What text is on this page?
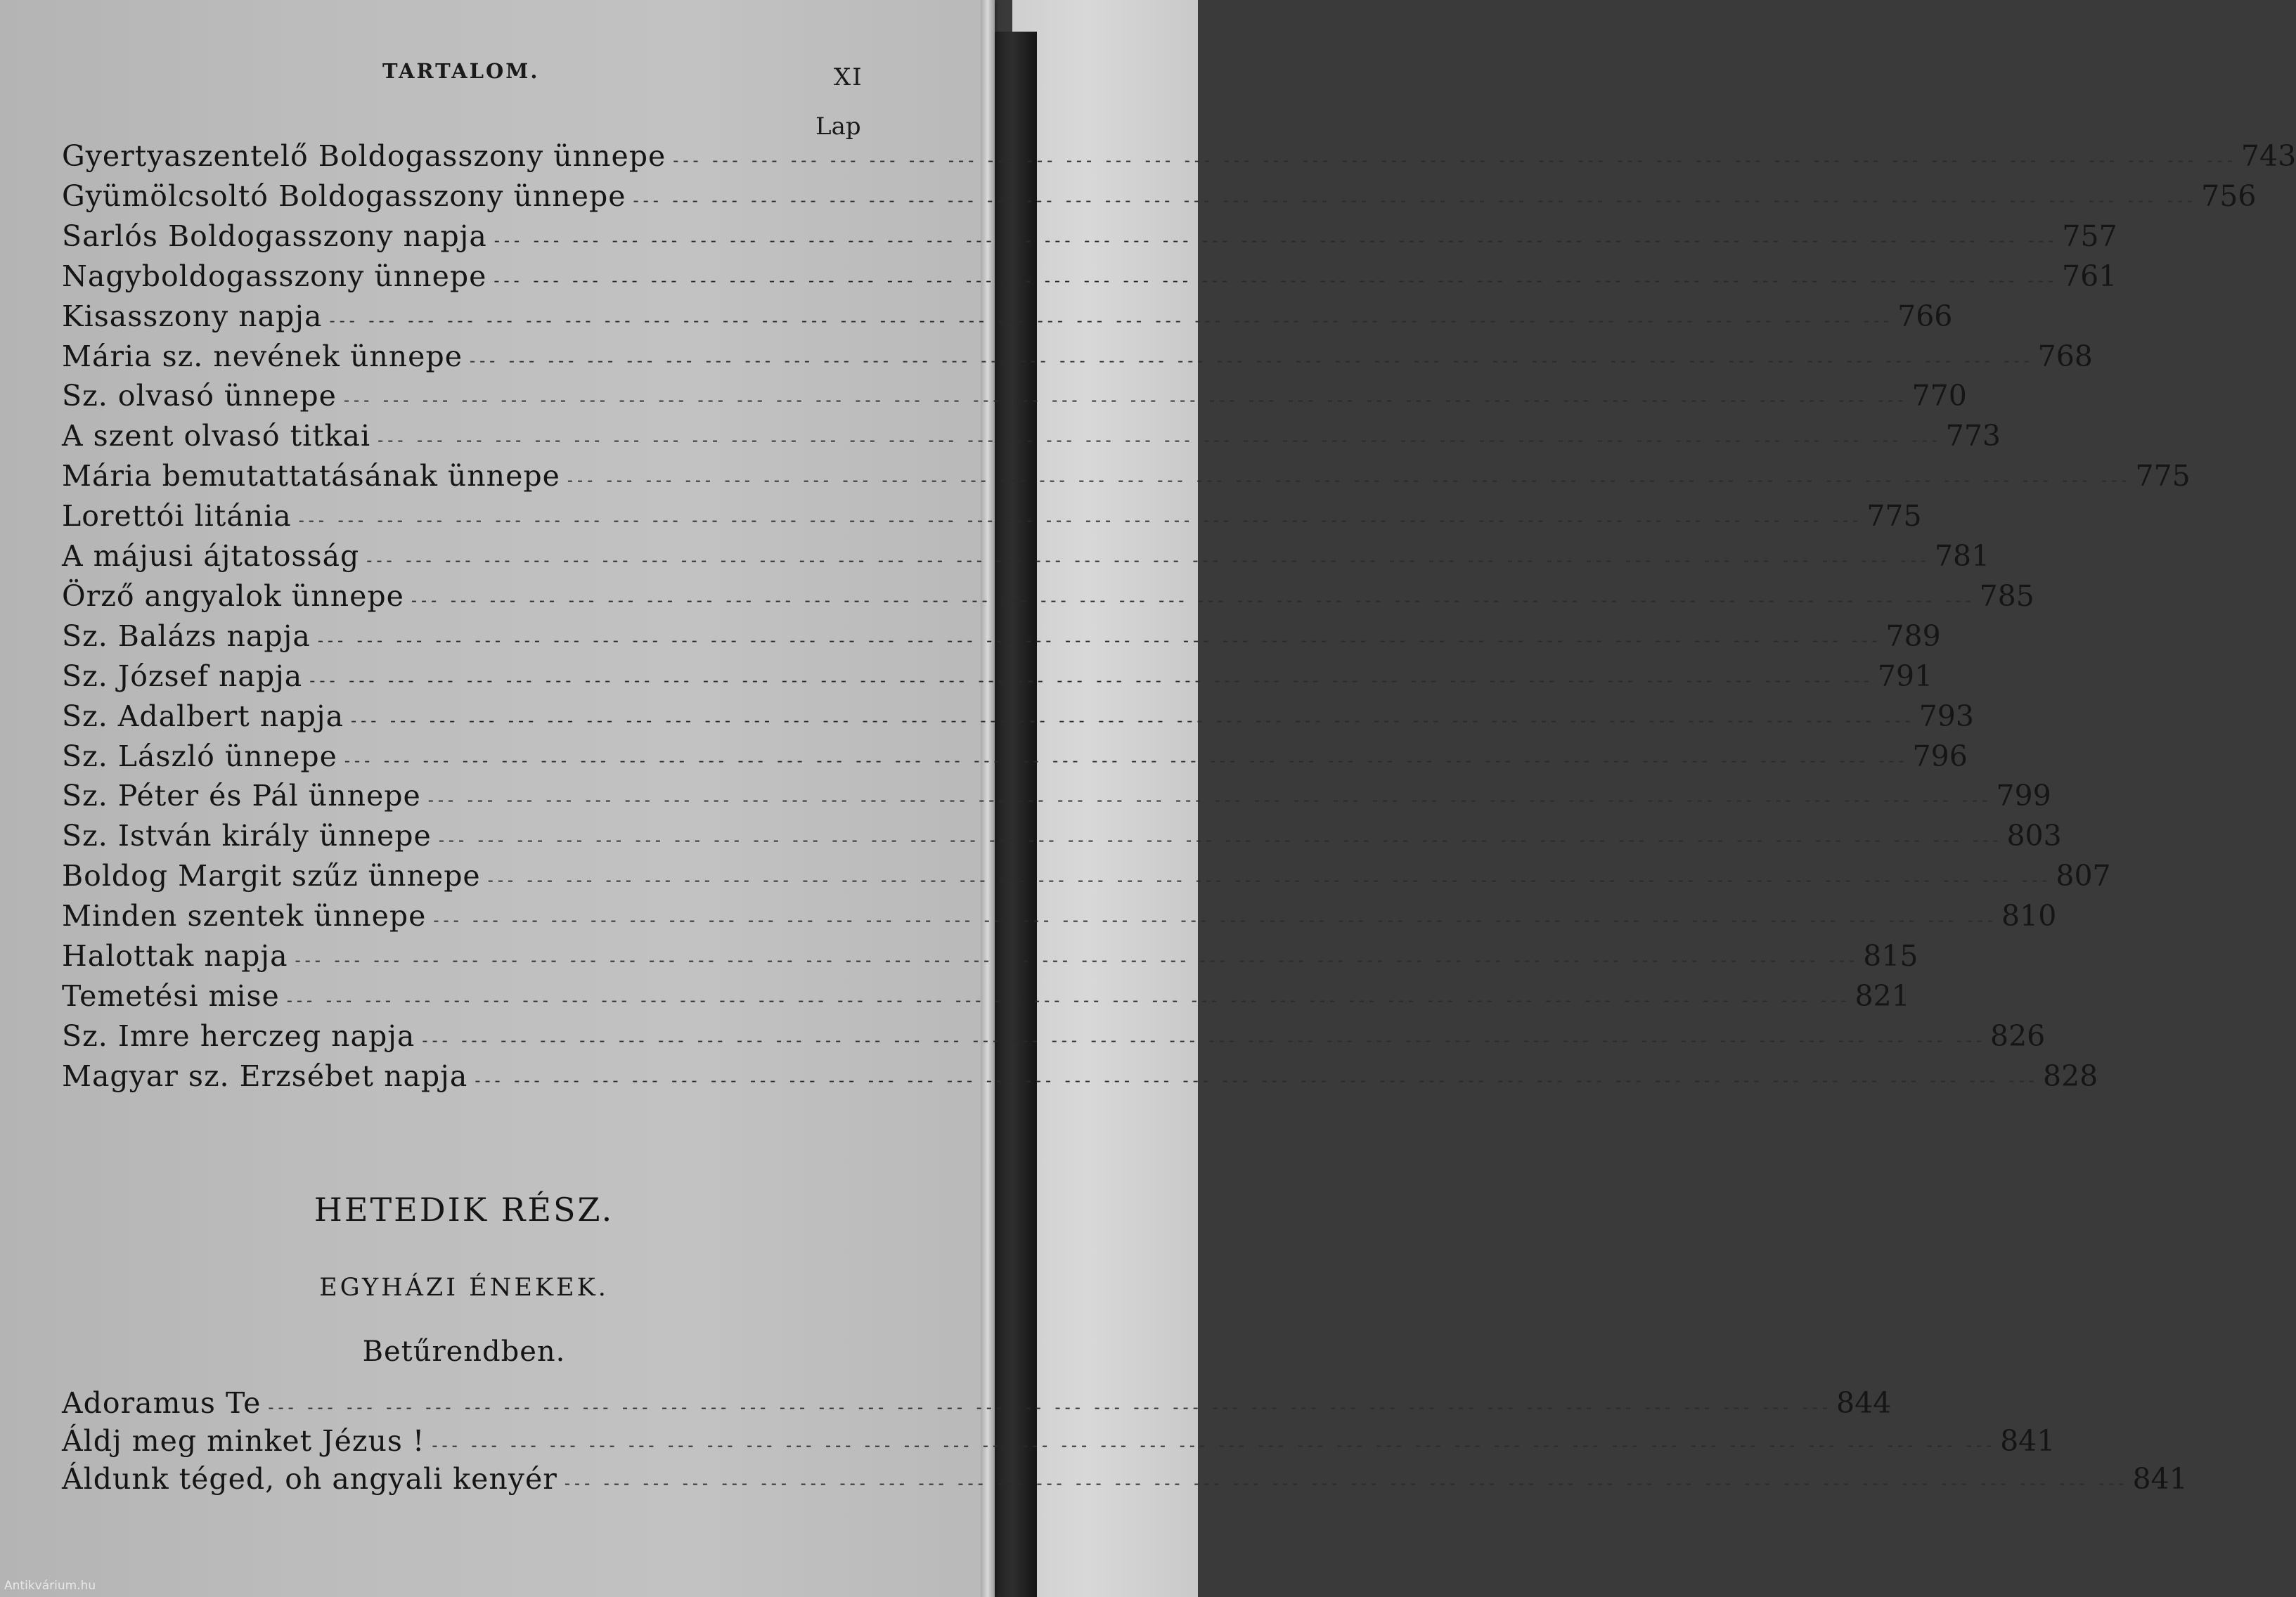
TARTALOM.	XI
Lap
Gyertyaszentelő Boldogasszony ünnepe --- --- --- --- --- --- --- --- --- --- --- --- --- --- --- --- --- --- --- --- --- --- --- --- --- --- --- --- --- --- --- --- --- --- --- --- --- --- --- --- 743
Gyümölcsoltó Boldogasszony ünnepe --- --- --- --- --- --- --- --- --- --- --- --- --- --- --- --- --- --- --- --- --- --- --- --- --- --- --- --- --- --- --- --- --- --- --- --- --- --- --- --- 756
Sarlós Boldogasszony napja --- --- --- --- --- --- --- --- --- --- --- --- --- --- --- --- --- --- --- --- --- --- --- --- --- --- --- --- --- --- --- --- --- --- --- --- --- --- --- --- 757
Nagyboldogasszony ünnepe --- --- --- --- --- --- --- --- --- --- --- --- --- --- --- --- --- --- --- --- --- --- --- --- --- --- --- --- --- --- --- --- --- --- --- --- --- --- --- --- 761
Kisasszony napja --- --- --- --- --- --- --- --- --- --- --- --- --- --- --- --- --- --- --- --- --- --- --- --- --- --- --- --- --- --- --- --- --- --- --- --- --- --- --- --- 766
Mária sz. nevének ünnepe --- --- --- --- --- --- --- --- --- --- --- --- --- --- --- --- --- --- --- --- --- --- --- --- --- --- --- --- --- --- --- --- --- --- --- --- --- --- --- --- 768
Sz. olvasó ünnepe --- --- --- --- --- --- --- --- --- --- --- --- --- --- --- --- --- --- --- --- --- --- --- --- --- --- --- --- --- --- --- --- --- --- --- --- --- --- --- --- 770
A szent olvasó titkai --- --- --- --- --- --- --- --- --- --- --- --- --- --- --- --- --- --- --- --- --- --- --- --- --- --- --- --- --- --- --- --- --- --- --- --- --- --- --- --- 773
Mária bemutattatásának ünnepe --- --- --- --- --- --- --- --- --- --- --- --- --- --- --- --- --- --- --- --- --- --- --- --- --- --- --- --- --- --- --- --- --- --- --- --- --- --- --- --- 775
Lorettói litánia --- --- --- --- --- --- --- --- --- --- --- --- --- --- --- --- --- --- --- --- --- --- --- --- --- --- --- --- --- --- --- --- --- --- --- --- --- --- --- --- 775
A májusi ájtatosság --- --- --- --- --- --- --- --- --- --- --- --- --- --- --- --- --- --- --- --- --- --- --- --- --- --- --- --- --- --- --- --- --- --- --- --- --- --- --- --- 781
Örző angyalok ünnepe --- --- --- --- --- --- --- --- --- --- --- --- --- --- --- --- --- --- --- --- --- --- --- --- --- --- --- --- --- --- --- --- --- --- --- --- --- --- --- --- 785
Sz. Balázs napja --- --- --- --- --- --- --- --- --- --- --- --- --- --- --- --- --- --- --- --- --- --- --- --- --- --- --- --- --- --- --- --- --- --- --- --- --- --- --- --- 789
Sz. József napja --- --- --- --- --- --- --- --- --- --- --- --- --- --- --- --- --- --- --- --- --- --- --- --- --- --- --- --- --- --- --- --- --- --- --- --- --- --- --- --- 791
Sz. Adalbert napja --- --- --- --- --- --- --- --- --- --- --- --- --- --- --- --- --- --- --- --- --- --- --- --- --- --- --- --- --- --- --- --- --- --- --- --- --- --- --- --- 793
Sz. László ünnepe --- --- --- --- --- --- --- --- --- --- --- --- --- --- --- --- --- --- --- --- --- --- --- --- --- --- --- --- --- --- --- --- --- --- --- --- --- --- --- --- 796
Sz. Péter és Pál ünnepe --- --- --- --- --- --- --- --- --- --- --- --- --- --- --- --- --- --- --- --- --- --- --- --- --- --- --- --- --- --- --- --- --- --- --- --- --- --- --- --- 799
Sz. István király ünnepe --- --- --- --- --- --- --- --- --- --- --- --- --- --- --- --- --- --- --- --- --- --- --- --- --- --- --- --- --- --- --- --- --- --- --- --- --- --- --- --- 803
Boldog Margit szűz ünnepe --- --- --- --- --- --- --- --- --- --- --- --- --- --- --- --- --- --- --- --- --- --- --- --- --- --- --- --- --- --- --- --- --- --- --- --- --- --- --- --- 807
Minden szentek ünnepe --- --- --- --- --- --- --- --- --- --- --- --- --- --- --- --- --- --- --- --- --- --- --- --- --- --- --- --- --- --- --- --- --- --- --- --- --- --- --- --- 810
Halottak napja --- --- --- --- --- --- --- --- --- --- --- --- --- --- --- --- --- --- --- --- --- --- --- --- --- --- --- --- --- --- --- --- --- --- --- --- --- --- --- --- 815
Temetési mise --- --- --- --- --- --- --- --- --- --- --- --- --- --- --- --- --- --- --- --- --- --- --- --- --- --- --- --- --- --- --- --- --- --- --- --- --- --- --- --- 821
Sz. Imre herczeg napja --- --- --- --- --- --- --- --- --- --- --- --- --- --- --- --- --- --- --- --- --- --- --- --- --- --- --- --- --- --- --- --- --- --- --- --- --- --- --- --- 826
Magyar sz. Erzsébet napja --- --- --- --- --- --- --- --- --- --- --- --- --- --- --- --- --- --- --- --- --- --- --- --- --- --- --- --- --- --- --- --- --- --- --- --- --- --- --- --- 828
HETEDIK RÉSZ.
EGYHÁZI ÉNEKEK.
Betűrendben.
Adoramus Te --- --- --- --- --- --- --- --- --- --- --- --- --- --- --- --- --- --- --- --- --- --- --- --- --- --- --- --- --- --- --- --- --- --- --- --- --- --- --- --- 844
Áldj meg minket Jézus ! --- --- --- --- --- --- --- --- --- --- --- --- --- --- --- --- --- --- --- --- --- --- --- --- --- --- --- --- --- --- --- --- --- --- --- --- --- --- --- --- 841
Áldunk téged, oh angyali kenyér --- --- --- --- --- --- --- --- --- --- --- --- --- --- --- --- --- --- --- --- --- --- --- --- --- --- --- --- --- --- --- --- --- --- --- --- --- --- --- --- 841
Antikvárium.hu
